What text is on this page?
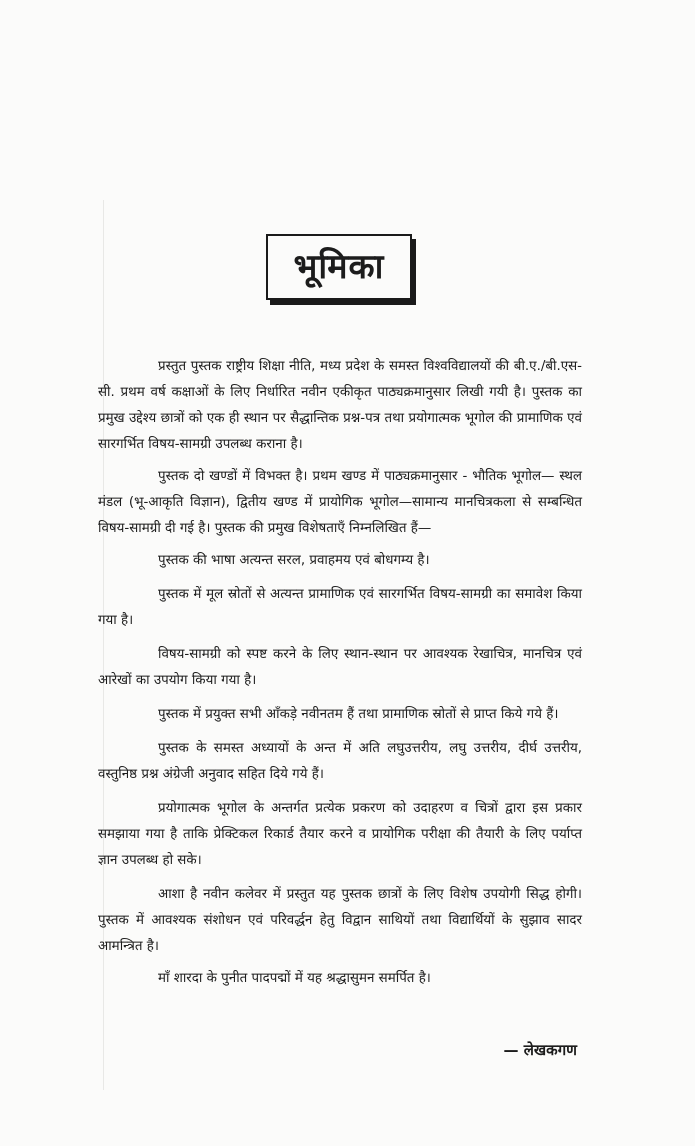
भूमिका

प्रस्तुत पुस्तक राष्ट्रीय शिक्षा नीति, मध्य प्रदेश के समस्त विश्वविद्यालयों की बी.ए./बी.एस-सी. प्रथम वर्ष कक्षाओं के लिए निर्धारित नवीन एकीकृत पाठ्यक्रमानुसार लिखी गयी है। पुस्तक का प्रमुख उद्देश्य छात्रों को एक ही स्थान पर सैद्धान्तिक प्रश्न-पत्र तथा प्रयोगात्मक भूगोल की प्रामाणिक एवं सारगर्भित विषय-सामग्री उपलब्ध कराना है।

पुस्तक दो खण्डों में विभक्त है। प्रथम खण्ड में पाठ्यक्रमानुसार - भौतिक भूगोल— स्थल मंडल (भू-आकृति विज्ञान), द्वितीय खण्ड में प्रायोगिक भूगोल—सामान्य मानचित्रकला से सम्बन्धित विषय-सामग्री दी गई है। पुस्तक की प्रमुख विशेषताएँ निम्नलिखित हैं—

पुस्तक की भाषा अत्यन्त सरल, प्रवाहमय एवं बोधगम्य है।

पुस्तक में मूल स्रोतों से अत्यन्त प्रामाणिक एवं सारगर्भित विषय-सामग्री का समावेश किया गया है।

विषय-सामग्री को स्पष्ट करने के लिए स्थान-स्थान पर आवश्यक रेखाचित्र, मानचित्र एवं आरेखों का उपयोग किया गया है।

पुस्तक में प्रयुक्त सभी आँकड़े नवीनतम हैं तथा प्रामाणिक स्रोतों से प्राप्त किये गये हैं।

पुस्तक के समस्त अध्यायों के अन्त में अति लघुउत्तरीय, लघु उत्तरीय, दीर्घ उत्तरीय, वस्तुनिष्ठ प्रश्न अंग्रेजी अनुवाद सहित दिये गये हैं।

प्रयोगात्मक भूगोल के अन्तर्गत प्रत्येक प्रकरण को उदाहरण व चित्रों द्वारा इस प्रकार समझाया गया है ताकि प्रेक्टिकल रिकार्ड तैयार करने व प्रायोगिक परीक्षा की तैयारी के लिए पर्याप्त ज्ञान उपलब्ध हो सके।

आशा है नवीन कलेवर में प्रस्तुत यह पुस्तक छात्रों के लिए विशेष उपयोगी सिद्ध होगी। पुस्तक में आवश्यक संशोधन एवं परिवर्द्धन हेतु विद्वान साथियों तथा विद्यार्थियों के सुझाव सादर आमन्त्रित है।

माँ शारदा के पुनीत पादपद्मों में यह श्रद्धासुमन समर्पित है।

— लेखकगण
